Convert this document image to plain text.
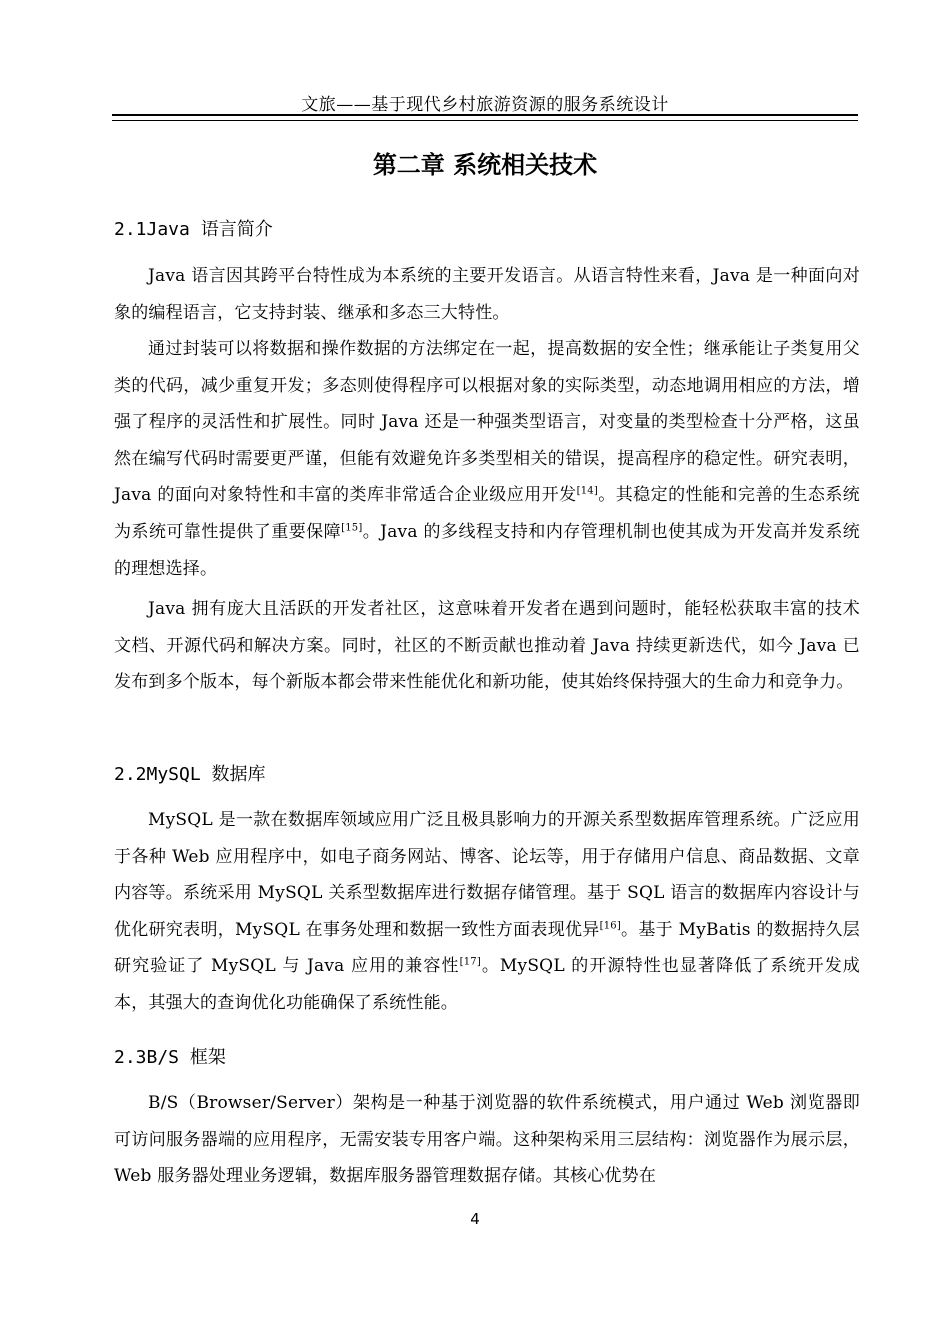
文旅——基于现代乡村旅游资源的服务系统设计
第二章 系统相关技术
2.1Java 语言简介

Java 语言因其跨平台特性成为本系统的主要开发语言。从语言特性来看，Java 是一种面向对象的编程语言，它支持封装、继承和多态三大特性。

通过封装可以将数据和操作数据的方法绑定在一起，提高数据的安全性；继承能让子类复用父类的代码，减少重复开发；多态则使得程序可以根据对象的实际类型，动态地调用相应的方法，增强了程序的灵活性和扩展性。同时 Java 还是一种强类型语言，对变量的类型检查十分严格，这虽然在编写代码时需要更严谨，但能有效避免许多类型相关的错误，提高程序的稳定性。研究表明，Java 的面向对象特性和丰富的类库非常适合企业级应用开发[14]。其稳定的性能和完善的生态系统为系统可靠性提供了重要保障[15]。Java 的多线程支持和内存管理机制也使其成为开发高并发系统的理想选择。

Java 拥有庞大且活跃的开发者社区，这意味着开发者在遇到问题时，能轻松获取丰富的技术文档、开源代码和解决方案。同时，社区的不断贡献也推动着 Java 持续更新迭代，如今 Java 已发布到多个版本，每个新版本都会带来性能优化和新功能，使其始终保持强大的生命力和竞争力。

2.2MySQL 数据库

MySQL 是一款在数据库领域应用广泛且极具影响力的开源关系型数据库管理系统。广泛应用于各种 Web 应用程序中，如电子商务网站、博客、论坛等，用于存储用户信息、商品数据、文章内容等。系统采用 MySQL 关系型数据库进行数据存储管理。基于 SQL 语言的数据库内容设计与优化研究表明，MySQL 在事务处理和数据一致性方面表现优异[16]。基于 MyBatis 的数据持久层研究验证了 MySQL 与 Java 应用的兼容性[17]。MySQL 的开源特性也显著降低了系统开发成本，其强大的查询优化功能确保了系统性能。

2.3B/S 框架

B/S（Browser/Server）架构是一种基于浏览器的软件系统模式，用户通过 Web 浏览器即可访问服务器端的应用程序，无需安装专用客户端。这种架构采用三层结构：浏览器作为展示层，Web 服务器处理业务逻辑，数据库服务器管理数据存储。其核心优势在

4
